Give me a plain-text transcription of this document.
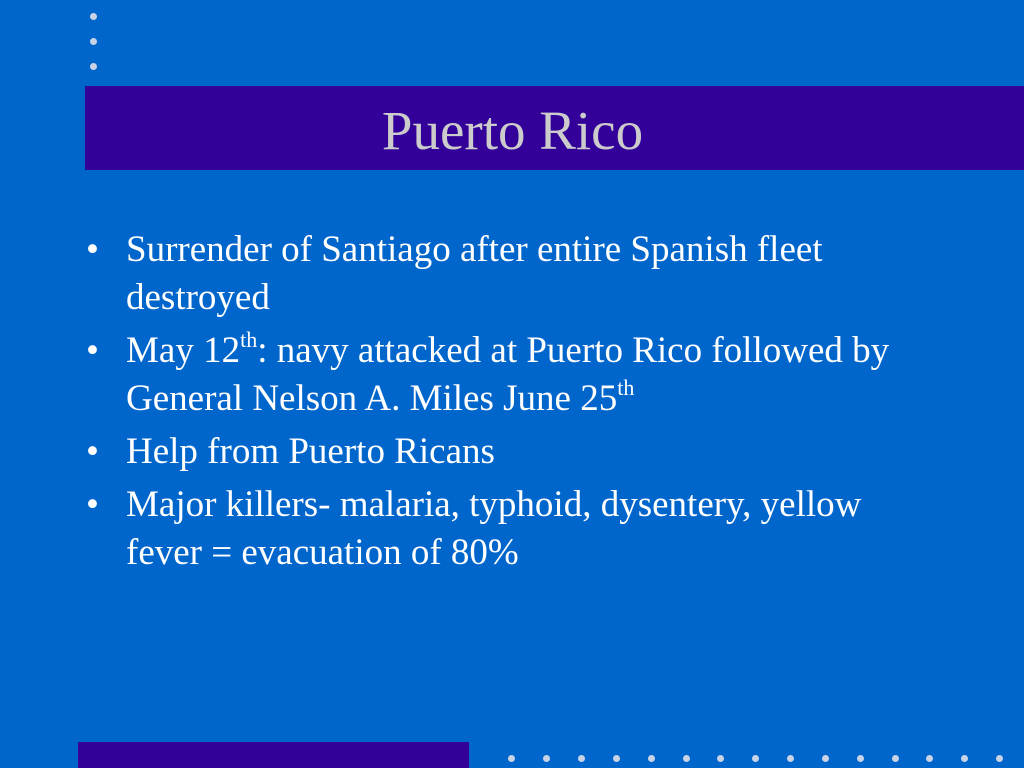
Puerto Rico
• Surrender of Santiago after entire Spanish fleet destroyed
• May 12th: navy attacked at Puerto Rico followed by General Nelson A. Miles June 25th
• Help from Puerto Ricans
• Major killers- malaria, typhoid, dysentery, yellow fever = evacuation of 80%
